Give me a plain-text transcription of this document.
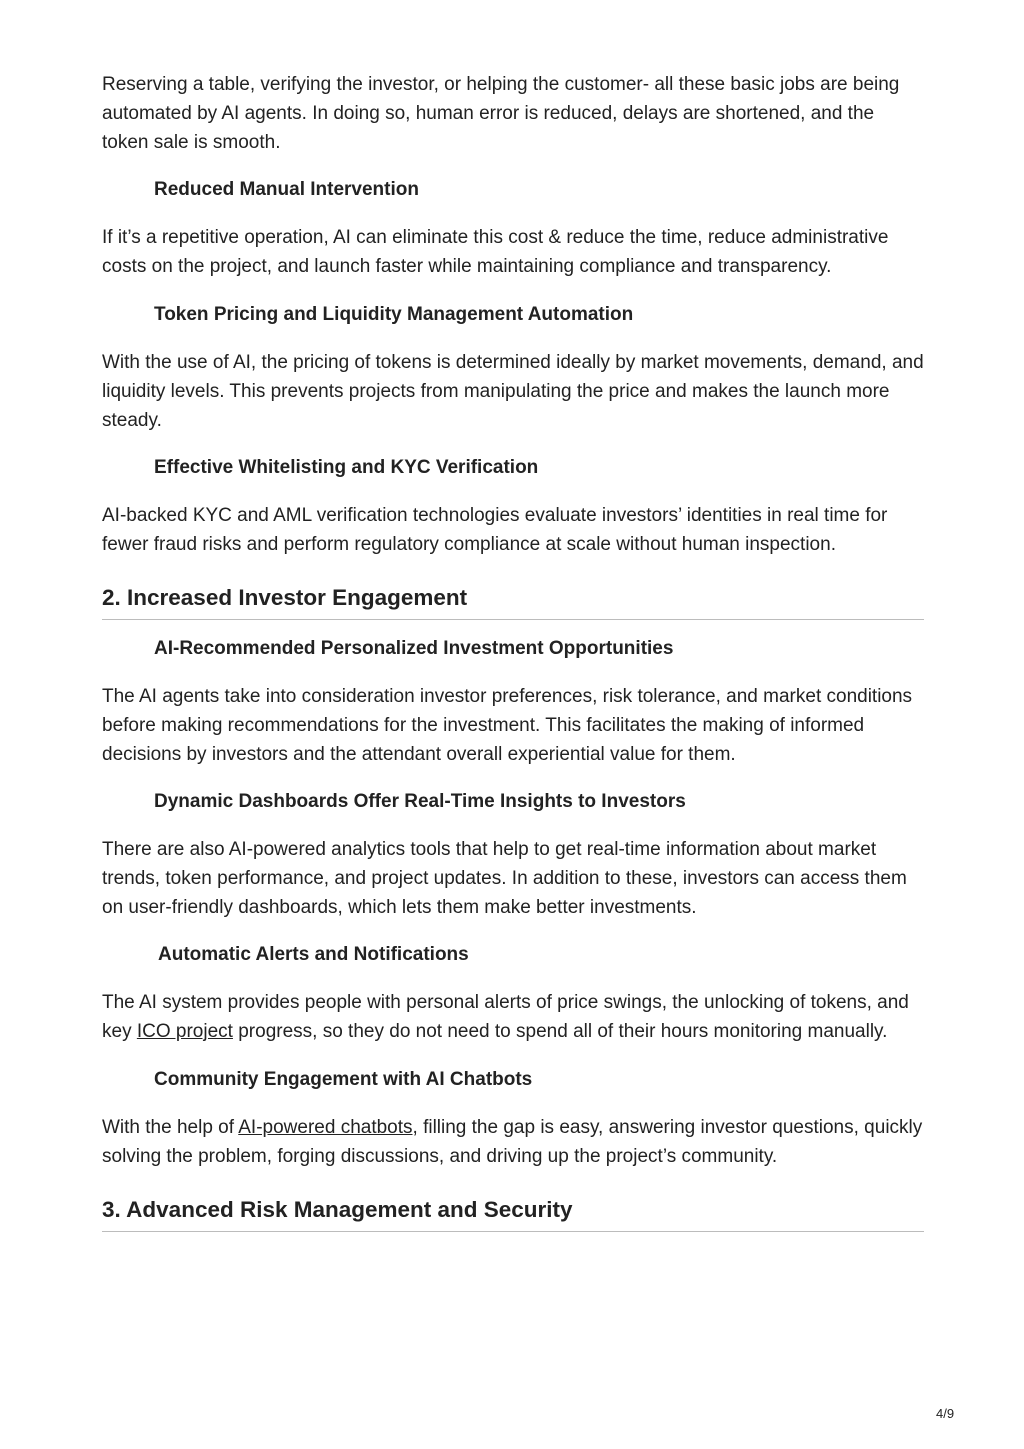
Reserving a table, verifying the investor, or helping the customer- all these basic jobs are being automated by AI agents. In doing so, human error is reduced, delays are shortened, and the token sale is smooth.

Reduced Manual Intervention

If it’s a repetitive operation, AI can eliminate this cost & reduce the time, reduce administrative costs on the project, and launch faster while maintaining compliance and transparency.

Token Pricing and Liquidity Management Automation

With the use of AI, the pricing of tokens is determined ideally by market movements, demand, and liquidity levels. This prevents projects from manipulating the price and makes the launch more steady.

Effective Whitelisting and KYC Verification

AI-backed KYC and AML verification technologies evaluate investors’ identities in real time for fewer fraud risks and perform regulatory compliance at scale without human inspection.

2. Increased Investor Engagement
AI-Recommended Personalized Investment Opportunities

The AI agents take into consideration investor preferences, risk tolerance, and market conditions before making recommendations for the investment. This facilitates the making of informed decisions by investors and the attendant overall experiential value for them.

Dynamic Dashboards Offer Real-Time Insights to Investors

There are also AI-powered analytics tools that help to get real-time information about market trends, token performance, and project updates. In addition to these, investors can access them on user-friendly dashboards, which lets them make better investments.

Automatic Alerts and Notifications

The AI system provides people with personal alerts of price swings, the unlocking of tokens, and key ICO project progress, so they do not need to spend all of their hours monitoring manually.

Community Engagement with AI Chatbots

With the help of AI-powered chatbots, filling the gap is easy, answering investor questions, quickly solving the problem, forging discussions, and driving up the project’s community.

3. Advanced Risk Management and Security
4/9
